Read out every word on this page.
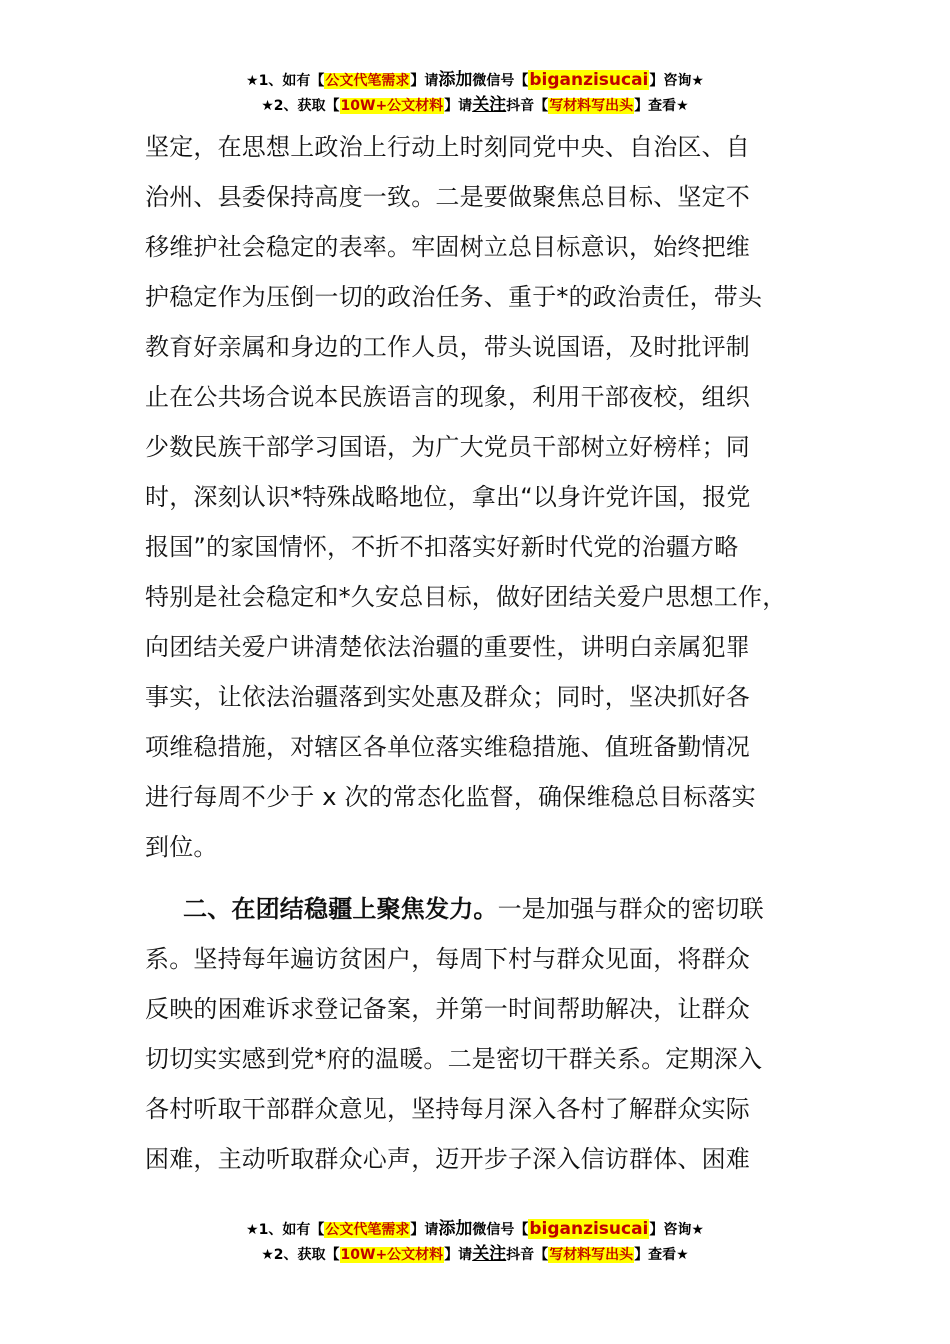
★1、如有【公文代笔需求】请添加微信号【biganzisucai】咨询★
★2、获取【10W+公文材料】请关注抖音【写材料写出头】查看★
坚定，在思想上政治上行动上时刻同党中央、自治区、自
治州、县委保持高度一致。二是要做聚焦总目标、坚定不
移维护社会稳定的表率。牢固树立总目标意识，始终把维
护稳定作为压倒一切的政治任务、重于*的政治责任，带头
教育好亲属和身边的工作人员，带头说国语，及时批评制
止在公共场合说本民族语言的现象，利用干部夜校，组织
少数民族干部学习国语，为广大党员干部树立好榜样；同
时，深刻认识*特殊战略地位，拿出“以身许党许国，报党
报国”的家国情怀，不折不扣落实好新时代党的治疆方略
特别是社会稳定和*久安总目标，做好团结关爱户思想工作，
向团结关爱户讲清楚依法治疆的重要性，讲明白亲属犯罪
事实，让依法治疆落到实处惠及群众；同时，坚决抓好各
项维稳措施，对辖区各单位落实维稳措施、值班备勤情况
进行每周不少于 x 次的常态化监督，确保维稳总目标落实
到位。
二、在团结稳疆上聚焦发力。一是加强与群众的密切联
系。坚持每年遍访贫困户，每周下村与群众见面，将群众
反映的困难诉求登记备案，并第一时间帮助解决，让群众
切切实实感到党*府的温暖。二是密切干群关系。定期深入
各村听取干部群众意见，坚持每月深入各村了解群众实际
困难，主动听取群众心声，迈开步子深入信访群体、困难
★1、如有【公文代笔需求】请添加微信号【biganzisucai】咨询★
★2、获取【10W+公文材料】请关注抖音【写材料写出头】查看★
